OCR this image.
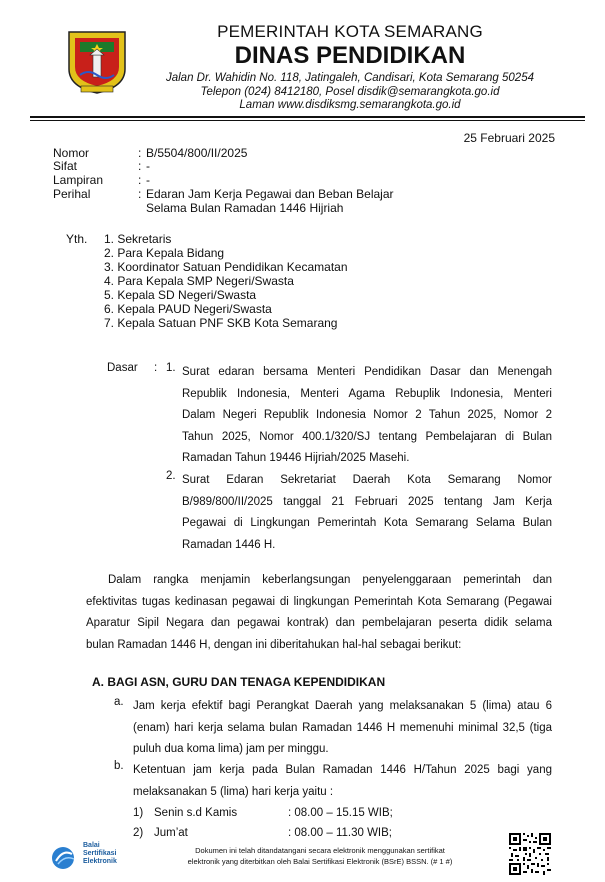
PEMERINTAH KOTA SEMARANG
DINAS PENDIDIKAN
Jalan Dr. Wahidin No. 118, Jatingaleh, Candisari, Kota Semarang 50254
Telepon (024) 8412180, Posel disdik@semarangkota.go.id
Laman www.disdiksmg.semarangkota.go.id
25 Februari 2025
Nomor	: B/5504/800/II/2025
Sifat	: -
Lampiran	: -
Perihal	: Edaran Jam Kerja Pegawai dan Beban Belajar
Selama Bulan Ramadan 1446 Hijriah
Yth. 1. Sekretaris
2. Para Kepala Bidang
3. Koordinator Satuan Pendidikan Kecamatan
4. Para Kepala SMP Negeri/Swasta
5. Kepala SD Negeri/Swasta
6. Kepala PAUD Negeri/Swasta
7. Kepala Satuan PNF SKB Kota Semarang
Dasar : 1. Surat edaran bersama Menteri Pendidikan Dasar dan Menengah
Republik Indonesia, Menteri Agama Rebuplik Indonesia, Menteri
Dalam Negeri Republik Indonesia Nomor 2 Tahun 2025, Nomor 2
Tahun 2025, Nomor 400.1/320/SJ tentang Pembelajaran di Bulan
Ramadan Tahun 19446 Hijriah/2025 Masehi.
2. Surat Edaran Sekretariat Daerah Kota Semarang Nomor
B/989/800/II/2025 tanggal 21 Februari 2025 tentang Jam Kerja
Pegawai di Lingkungan Pemerintah Kota Semarang Selama Bulan
Ramadan 1446 H.
Dalam rangka menjamin keberlangsungan penyelenggaraan pemerintah dan
efektivitas tugas kedinasan pegawai di lingkungan Pemerintah Kota Semarang (Pegawai
Aparatur Sipil Negara dan pegawai kontrak) dan pembelajaran peserta didik selama
bulan Ramadan 1446 H, dengan ini diberitahukan hal-hal sebagai berikut:
A. BAGI ASN, GURU DAN TENAGA KEPENDIDIKAN
a. Jam kerja efektif bagi Perangkat Daerah yang melaksanakan 5 (lima) atau 6
(enam) hari kerja selama bulan Ramadan 1446 H memenuhi minimal 32,5 (tiga
puluh dua koma lima) jam per minggu.
b. Ketentuan jam kerja pada Bulan Ramadan 1446 H/Tahun 2025 bagi yang
melaksanakan 5 (lima) hari kerja yaitu :
1) Senin s.d Kamis	: 08.00 – 15.15 WIB;
2) Jum’at	: 08.00 – 11.30 WIB;
Balai
Sertifikasi
Elektronik
Dokumen ini telah ditandatangani secara elektronik menggunakan sertifikat
elektronik yang diterbitkan oleh Balai Sertifikasi Elektronik (BSrE) BSSN. (# 1 #)
